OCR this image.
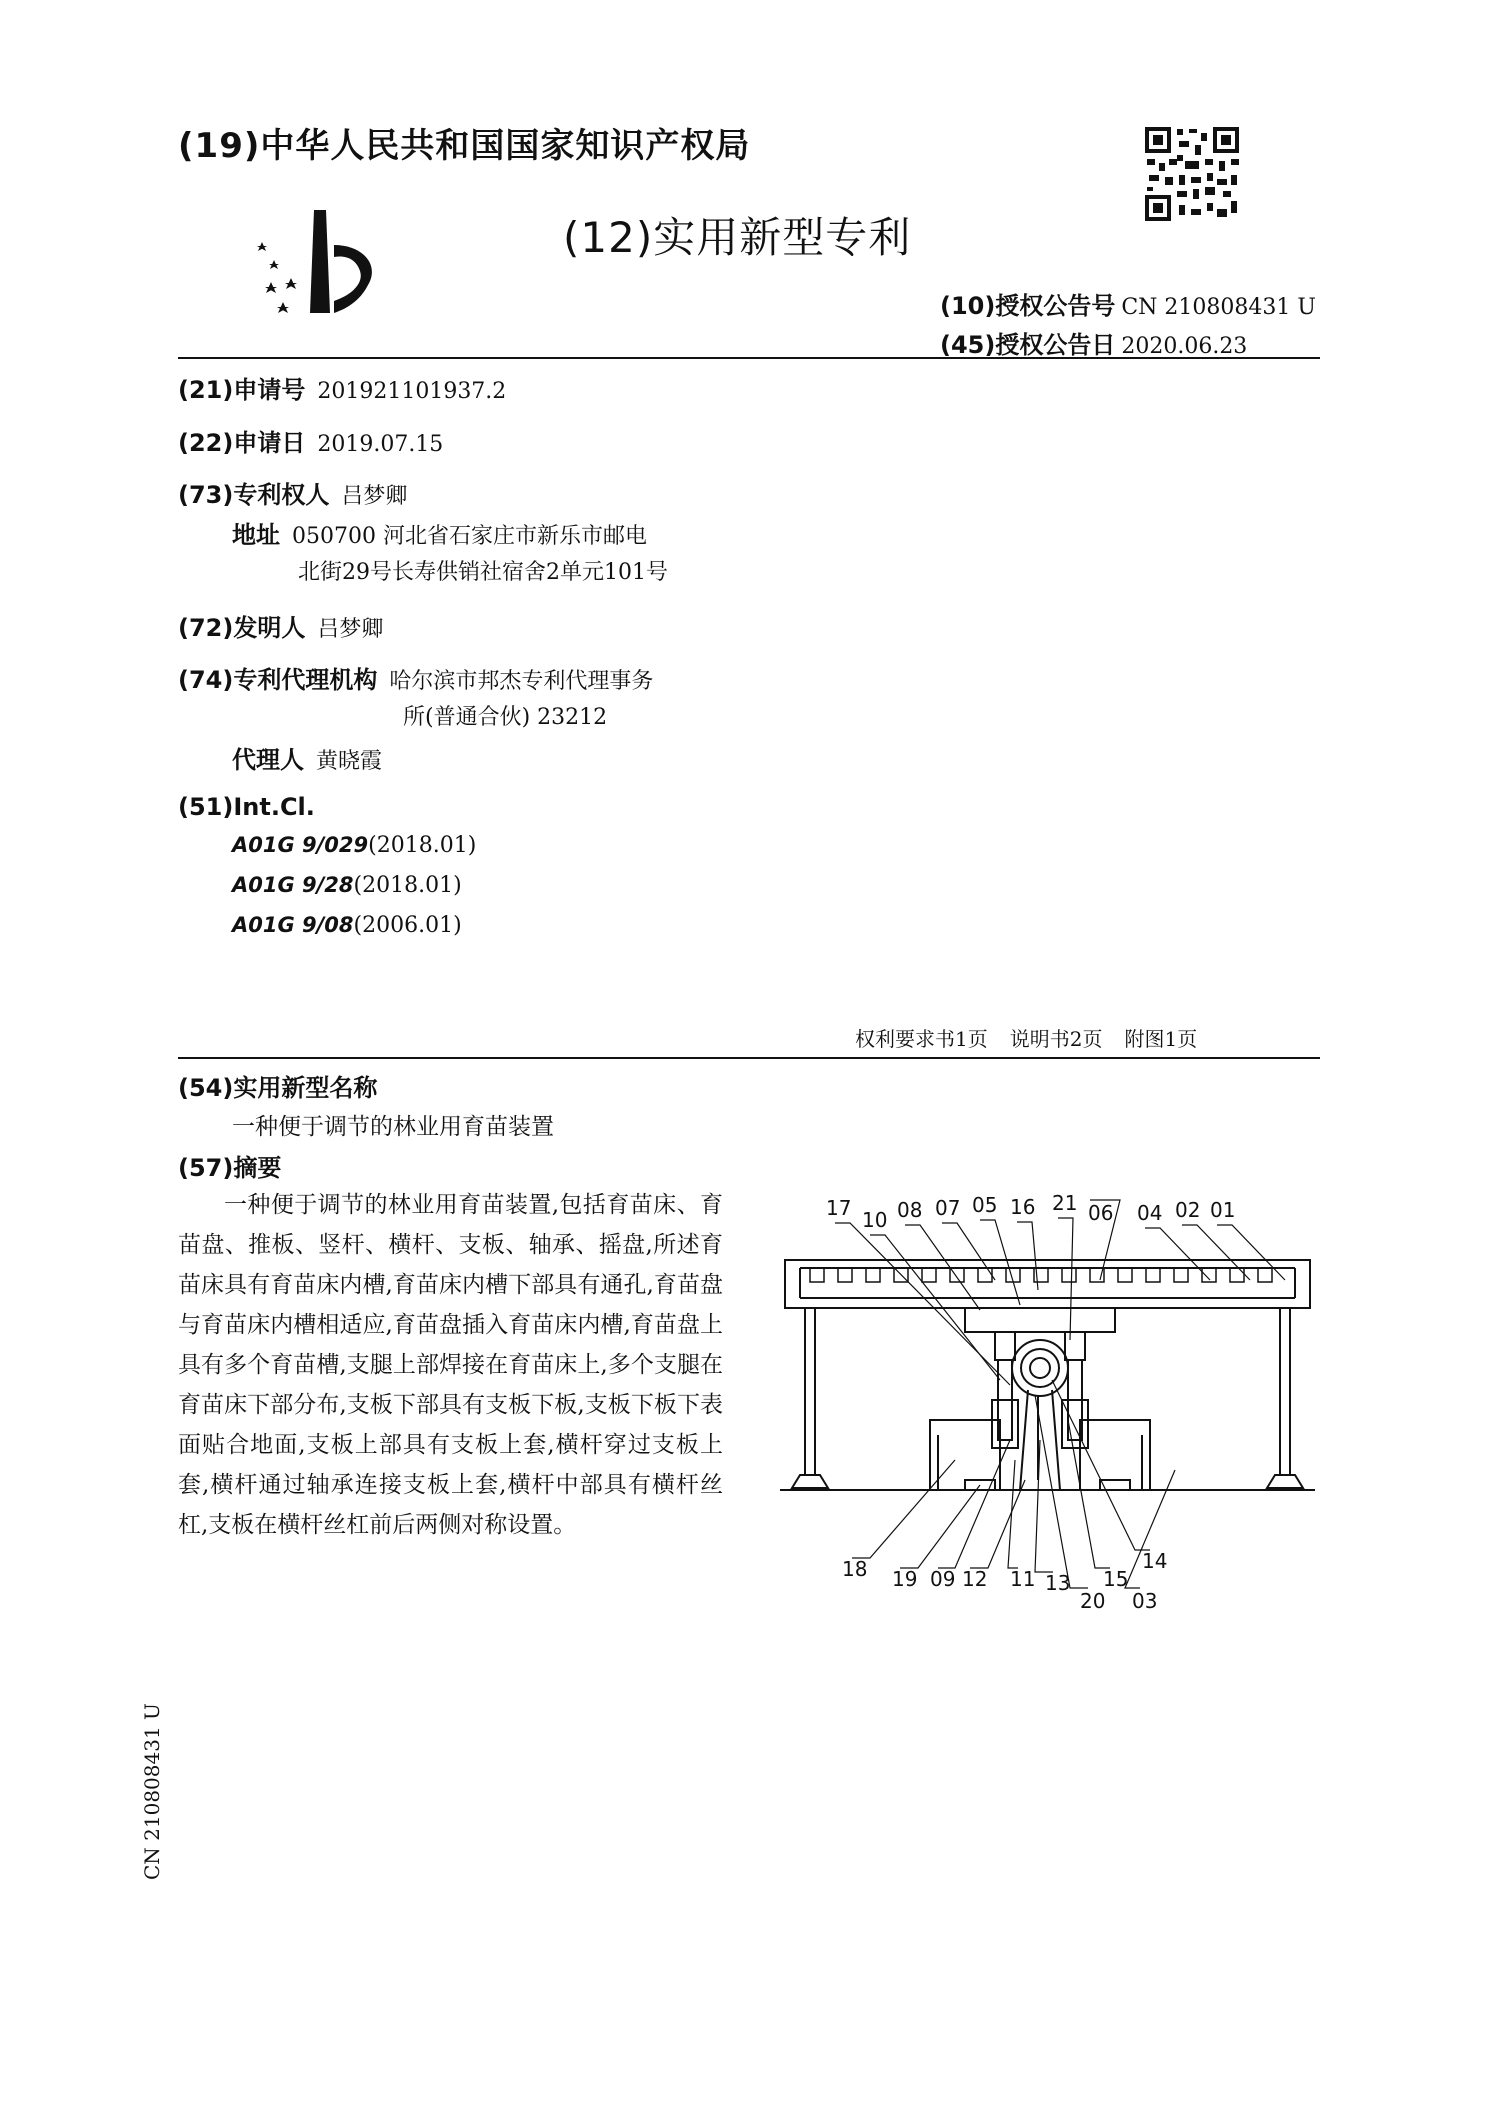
(19)中华人民共和国国家知识产权局
(12)实用新型专利
(10)授权公告号 CN 210808431 U
(45)授权公告日 2020.06.23
(21)申请号 201921101937.2
(22)申请日 2019.07.15
(73)专利权人 吕梦卿
地址 050700 河北省石家庄市新乐市邮电
北街29号长寿供销社宿舍2单元101号
(72)发明人 吕梦卿
(74)专利代理机构 哈尔滨市邦杰专利代理事务
所(普通合伙) 23212
代理人 黄晓霞
(51)Int.Cl.
A01G 9/029(2018.01)
A01G 9/28(2018.01)
A01G 9/08(2006.01)
权利要求书1页 说明书2页 附图1页
(54)实用新型名称
一种便于调节的林业用育苗装置
(57)摘要
一种便于调节的林业用育苗装置,包括育苗床、育苗盘、推板、竖杆、横杆、支板、轴承、摇盘,所述育苗床具有育苗床内槽,育苗床内槽下部具有通孔,育苗盘与育苗床内槽相适应,育苗盘插入育苗床内槽,育苗盘上具有多个育苗槽,支腿上部焊接在育苗床上,多个支腿在育苗床下部分布,支板下部具有支板下板,支板下板下表面贴合地面,支板上部具有支板上套,横杆穿过支板上套,横杆通过轴承连接支板上套,横杆中部具有横杆丝杠,支板在横杆丝杠前后两侧对称设置。
CN 210808431 U
06
17 10 08 07 05 16 21	04 02 01
18 19 09 12 11 13
20
15
03
14
